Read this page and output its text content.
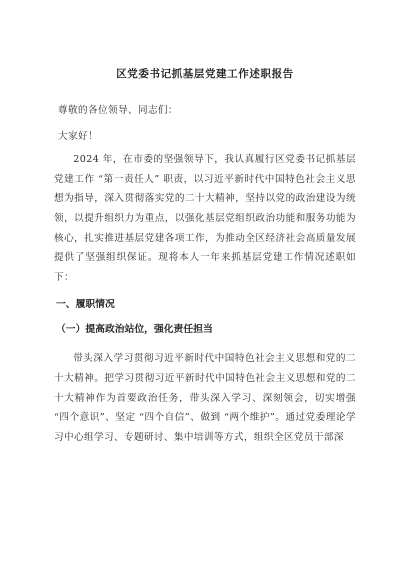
区党委书记抓基层党建工作述职报告

尊敬的各位领导、同志们：

大家好！

2024 年，在市委的坚强领导下，我认真履行区党委书记抓基层党建工作 “第一责任人” 职责，以习近平新时代中国特色社会主义思想为指导，深入贯彻落实党的二十大精神，坚持以党的政治建设为统领，以提升组织力为重点，以强化基层党组织政治功能和服务功能为核心，扎实推进基层党建各项工作，为推动全区经济社会高质量发展提供了坚强组织保证。现将本人一年来抓基层党建工作情况述职如下：

一、履职情况
（一）提高政治站位，强化责任担当

带头深入学习贯彻习近平新时代中国特色社会主义思想和党的二十大精神。把学习贯彻习近平新时代中国特色社会主义思想和党的二十大精神作为首要政治任务，带头深入学习、深刻领会，切实增强 “四个意识”、坚定 “四个自信”、做到 “两个维护”。通过党委理论学习中心组学习、专题研讨、集中培训等方式，组织全区党员干部深
